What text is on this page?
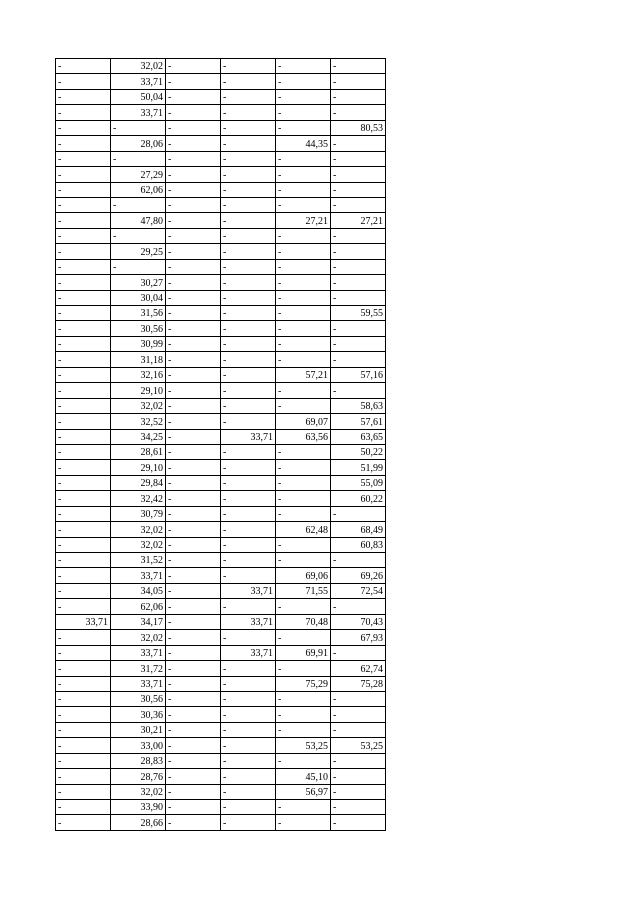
-	32,02	-	-	-	-
-	33,71	-	-	-	-
-	50,04	-	-	-	-
-	33,71	-	-	-	-
-	-	-	-	-	80,53
-	28,06	-	-	44,35	-
-	-	-	-	-	-
-	27,29	-	-	-	-
-	62,06	-	-	-	-
-	-	-	-	-	-
-	47,80	-	-	27,21	27,21
-	-	-	-	-	-
-	29,25	-	-	-	-
-	-	-	-	-	-
-	30,27	-	-	-	-
-	30,04	-	-	-	-
-	31,56	-	-	-	59,55
-	30,56	-	-	-	-
-	30,99	-	-	-	-
-	31,18	-	-	-	-
-	32,16	-	-	57,21	57,16
-	29,10	-	-	-	-
-	32,02	-	-	-	58,63
-	32,52	-	-	69,07	57,61
-	34,25	-	33,71	63,56	63,65
-	28,61	-	-	-	50,22
-	29,10	-	-	-	51,99
-	29,84	-	-	-	55,09
-	32,42	-	-	-	60,22
-	30,79	-	-	-	-
-	32,02	-	-	62,48	68,49
-	32,02	-	-	-	60,83
-	31,52	-	-	-	-
-	33,71	-	-	69,06	69,26
-	34,05	-	33,71	71,55	72,54
-	62,06	-	-	-	-
33,71	34,17	-	33,71	70,48	70,43
-	32,02	-	-	-	67,93
-	33,71	-	33,71	69,91	-
-	31,72	-	-	-	62,74
-	33,71	-	-	75,29	75,28
-	30,56	-	-	-	-
-	30,36	-	-	-	-
-	30,21	-	-	-	-
-	33,00	-	-	53,25	53,25
-	28,83	-	-	-	-
-	28,76	-	-	45,10	-
-	32,02	-	-	56,97	-
-	33,90	-	-	-	-
-	28,66	-	-	-	-
